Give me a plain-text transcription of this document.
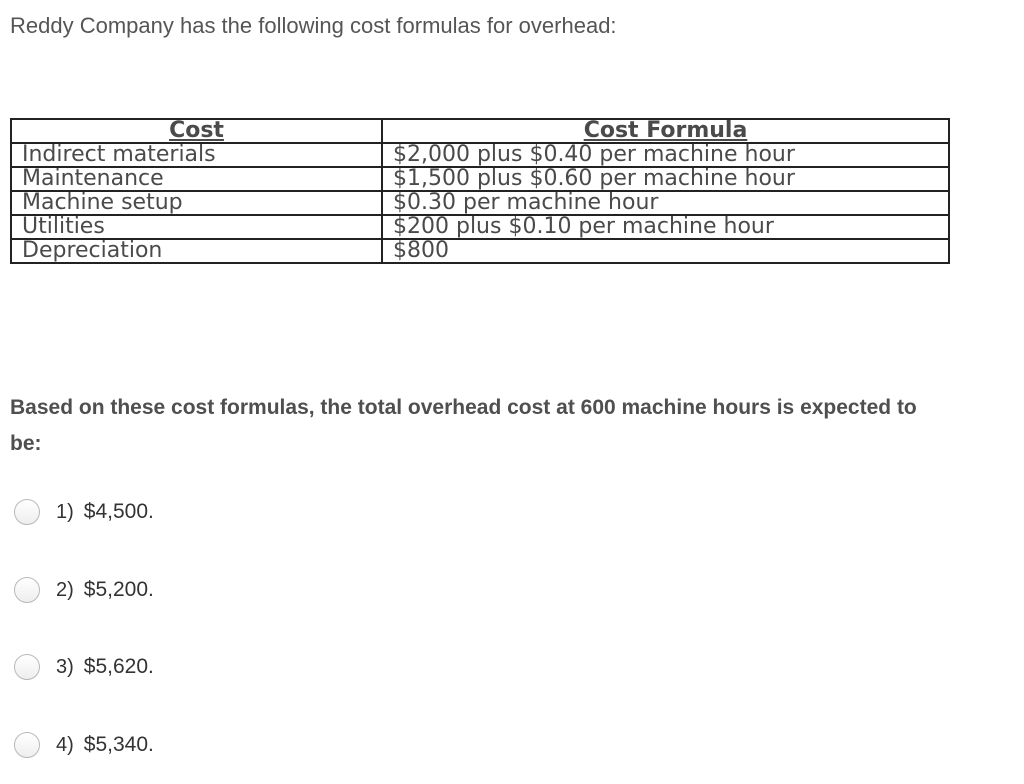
Reddy Company has the following cost formulas for overhead:
Cost	Cost Formula
Indirect materials	$2,000 plus $0.40 per machine hour
Maintenance	$1,500 plus $0.60 per machine hour
Machine setup	$0.30 per machine hour
Utilities	$200 plus $0.10 per machine hour
Depreciation	$800
Based on these cost formulas, the total overhead cost at 600 machine hours is expected to be:
1) $4,500.
2) $5,200.
3) $5,620.
4) $5,340.
